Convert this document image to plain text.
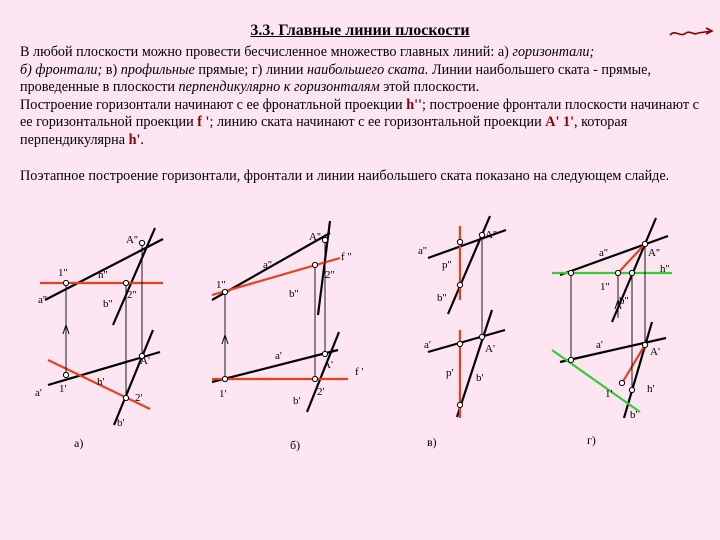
3.3. Главные линии плоскости
В любой плоскости можно провести бесчисленное множество главных линий: а) горизонтали;
б) фронтали; в) профильные прямые; г) линии наибольшего ската. Линии наибольшего ската - прямые, проведенные в плоскости перпендикулярно к горизонталям этой плоскости.
Построение горизонтали начинают с ее фронатльной проекции h''; построение фронтали плоскости начинают с ее горизонтальной проекции f '; линию ската начинают с ее горизонтальной проекции A' 1', которая перпендикулярна h'.
Поэтапное построение горизонтали, фронтали и линии наибольшего ската показано на следующем слайде.
A''
1''	h''
a''	b''
2''
A'
a' 1'
h'
2'
b'
а)
A''
f ''
a''
2''
1''
b''
a'
A'
f '
1'
b'
2'
б)
A''
a''
p''
b''
a'	A'
p' b'
в)
a''	A''
h''
1''
b''
a'
A'
1'	h'
b'
г)
